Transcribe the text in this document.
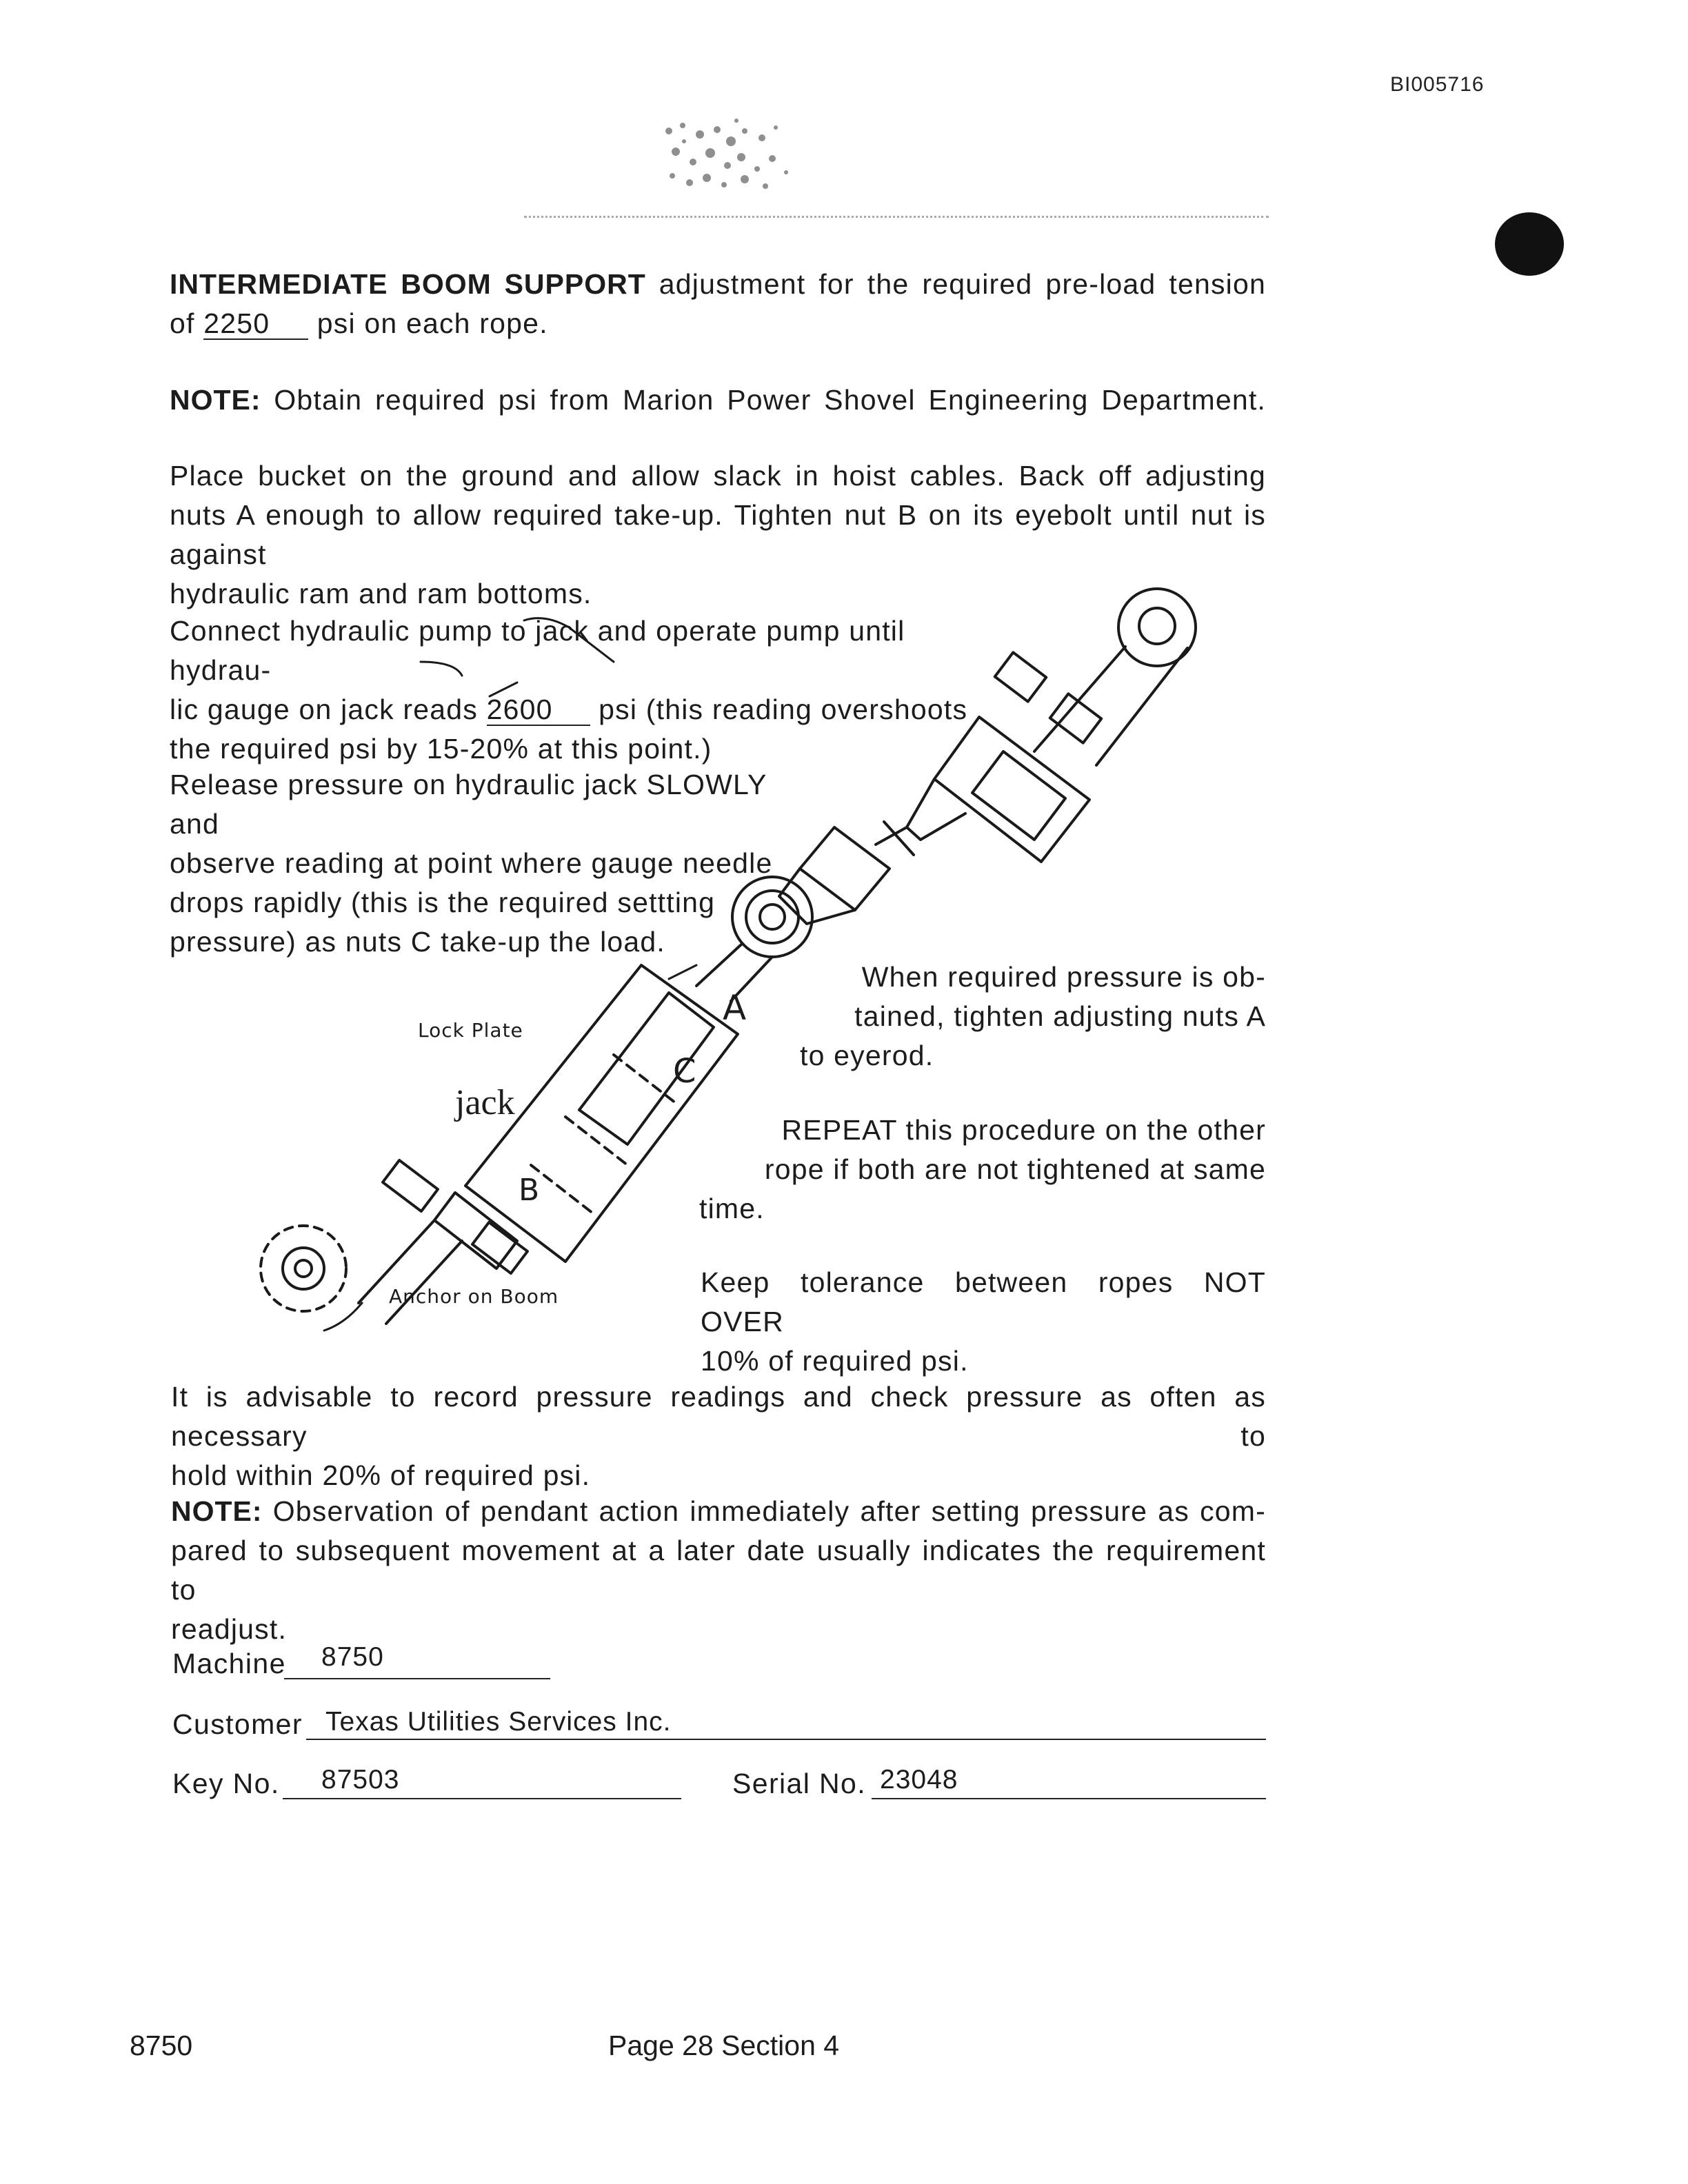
BI005716
INTERMEDIATE BOOM SUPPORT adjustment for the required pre-load tension
of 2250 psi on each rope.
NOTE: Obtain required psi from Marion Power Shovel Engineering Department.
Place bucket on the ground and allow slack in hoist cables. Back off adjusting nuts A enough to allow required take-up. Tighten nut B on its eyebolt until nut is against
hydraulic ram and ram bottoms.
Connect hydraulic pump to jack and operate pump until hydrau-
lic gauge on jack reads 2600 psi (this reading overshoots
the required psi by 15-20% at this point.)
Release pressure on hydraulic jack SLOWLY and
observe reading at point where gauge needle
drops rapidly (this is the required settting
pressure) as nuts C take-up the load.
Lock Plate
jack
A
C
B
Anchor on Boom
When required pressure is ob-
tained, tighten adjusting nuts A
to eyerod.
REPEAT this procedure on the other
rope if both are not tightened at same
time.
Keep tolerance between ropes NOT OVER
10% of required psi.
It is advisable to record pressure readings and check pressure as often as necessary to
hold within 20% of required psi.
NOTE: Observation of pendant action immediately after setting pressure as com- pared to subsequent movement at a later date usually indicates the requirement to
readjust.
Machine 8750
Customer Texas Utilities Services Inc.
Key No. 87503	Serial No. 23048
8750	Page 28 Section 4
